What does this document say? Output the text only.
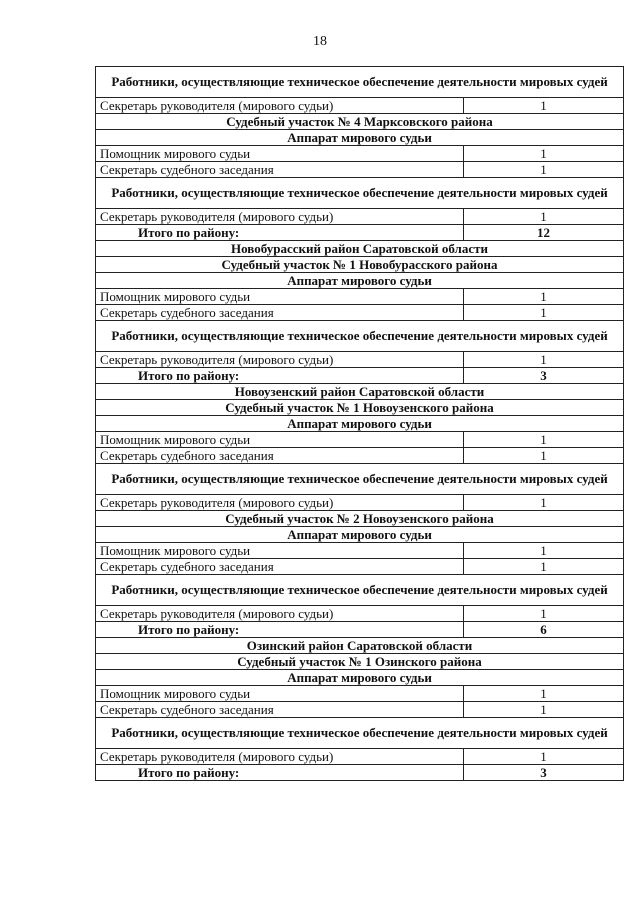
18
Работники, осуществляющие техническое обеспечение деятельности мировых судей	
Секретарь руководителя (мирового судьи)	1
Судебный участок № 4 Марксовского района	
Аппарат мирового судьи	
Помощник мирового судьи	1
Секретарь судебного заседания	1
Работники, осуществляющие техническое обеспечение деятельности мировых судей	
Секретарь руководителя (мирового судьи)	1
Итого по району:	12
Новобурасский район Саратовской области	
Судебный участок № 1 Новобурасского района	
Аппарат мирового судьи	
Помощник мирового судьи	1
Секретарь судебного заседания	1
Работники, осуществляющие техническое обеспечение деятельности мировых судей	
Секретарь руководителя (мирового судьи)	1
Итого по району:	3
Новоузенский район Саратовской области	
Судебный участок № 1 Новоузенского района	
Аппарат мирового судьи	
Помощник мирового судьи	1
Секретарь судебного заседания	1
Работники, осуществляющие техническое обеспечение деятельности мировых судей	
Секретарь руководителя (мирового судьи)	1
Судебный участок № 2 Новоузенского района	
Аппарат мирового судьи	
Помощник мирового судьи	1
Секретарь судебного заседания	1
Работники, осуществляющие техническое обеспечение деятельности мировых судей	
Секретарь руководителя (мирового судьи)	1
Итого по району:	6
Озинский район Саратовской области	
Судебный участок № 1 Озинского района	
Аппарат мирового судьи	
Помощник мирового судьи	1
Секретарь судебного заседания	1
Работники, осуществляющие техническое обеспечение деятельности мировых судей	
Секретарь руководителя (мирового судьи)	1
Итого по району:	3
